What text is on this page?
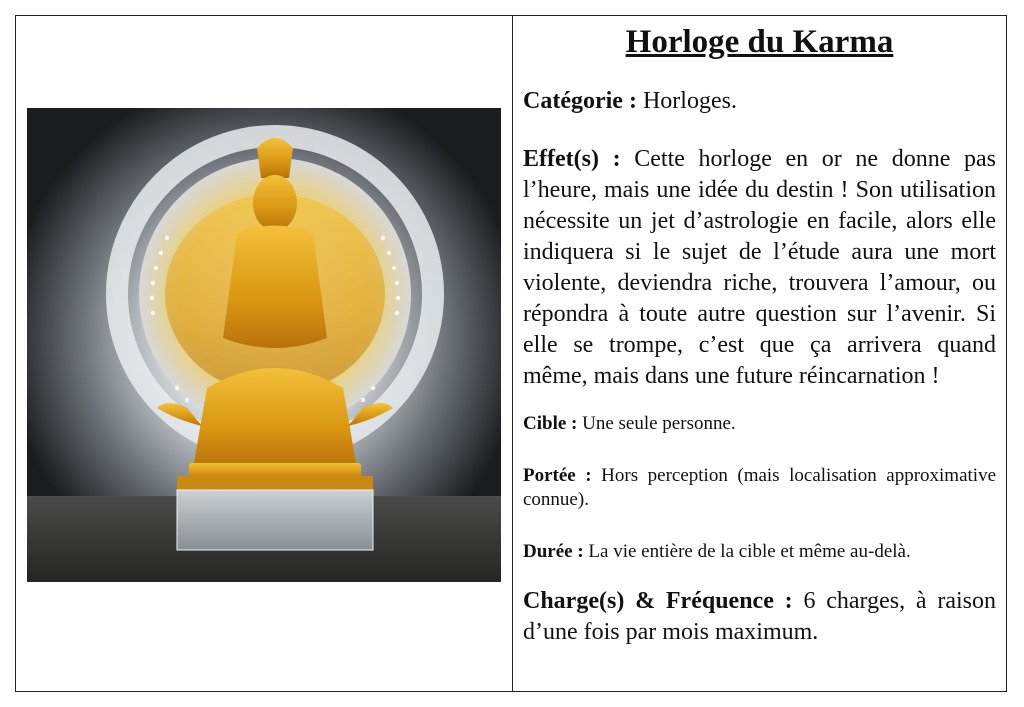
Horloge du Karma

Catégorie : Horloges.

Effet(s) : Cette horloge en or ne donne pas l’heure, mais une idée du destin ! Son utilisation nécessite un jet d’astrologie en facile, alors elle indiquera si le sujet de l’étude aura une mort violente, deviendra riche, trouvera l’amour, ou répondra à toute autre question sur l’avenir. Si elle se trompe, c’est que ça arrivera quand même, mais dans une future réincarnation !

Cible : Une seule personne.

Portée : Hors perception (mais localisation approximative connue).

Durée : La vie entière de la cible et même au-delà.

Charge(s) & Fréquence : 6 charges, à raison d’une fois par mois maximum.
